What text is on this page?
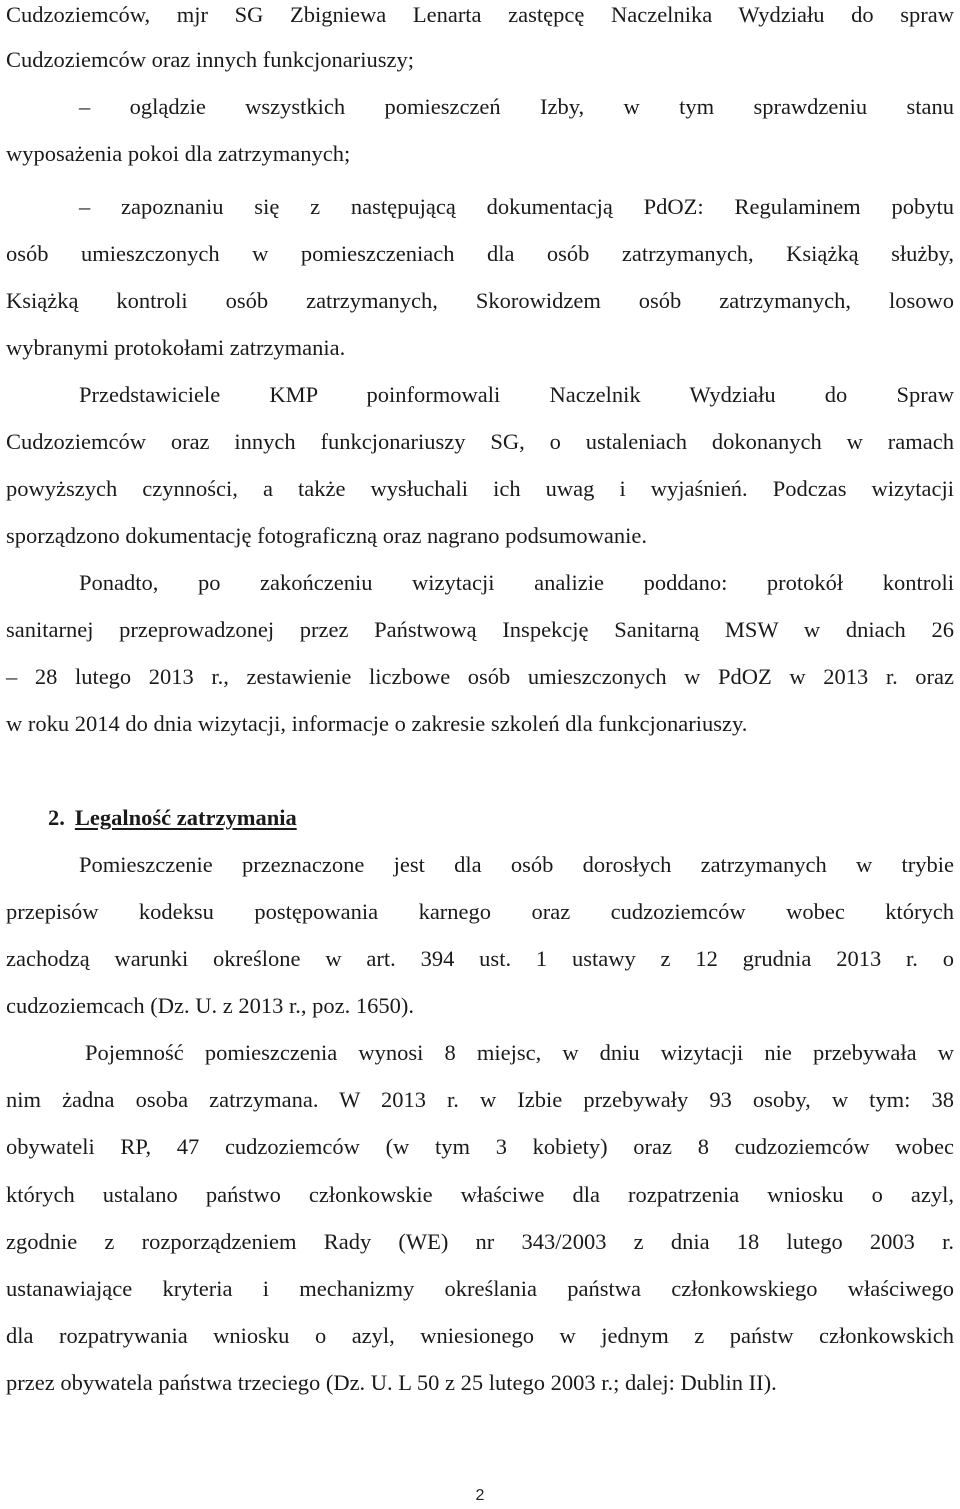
Cudzoziemców, mjr SG Zbigniewa Lenarta zastępcę Naczelnika Wydziału do spraw
Cudzoziemców oraz innych funkcjonariuszy;
– oglądzie wszystkich pomieszczeń Izby, w tym sprawdzeniu stanu
wyposażenia pokoi dla zatrzymanych;
– zapoznaniu się z następującą dokumentacją PdOZ: Regulaminem pobytu
osób umieszczonych w pomieszczeniach dla osób zatrzymanych, Książką służby,
Książką kontroli osób zatrzymanych, Skorowidzem osób zatrzymanych, losowo
wybranymi protokołami zatrzymania.
Przedstawiciele KMP poinformowali Naczelnik Wydziału do Spraw
Cudzoziemców oraz innych funkcjonariuszy SG, o ustaleniach dokonanych w ramach
powyższych czynności, a także wysłuchali ich uwag i wyjaśnień. Podczas wizytacji
sporządzono dokumentację fotograficzną oraz nagrano podsumowanie.
Ponadto, po zakończeniu wizytacji analizie poddano: protokół kontroli
sanitarnej przeprowadzonej przez Państwową Inspekcję Sanitarną MSW w dniach 26
– 28 lutego 2013 r., zestawienie liczbowe osób umieszczonych w PdOZ w 2013 r. oraz
w roku 2014 do dnia wizytacji, informacje o zakresie szkoleń dla funkcjonariuszy.
2. Legalność zatrzymania
Pomieszczenie przeznaczone jest dla osób dorosłych zatrzymanych w trybie
przepisów kodeksu postępowania karnego oraz cudzoziemców wobec których
zachodzą warunki określone w art. 394 ust. 1 ustawy z 12 grudnia 2013 r. o
cudzoziemcach (Dz. U. z 2013 r., poz. 1650).
Pojemność pomieszczenia wynosi 8 miejsc, w dniu wizytacji nie przebywała w
nim żadna osoba zatrzymana. W 2013 r. w Izbie przebywały 93 osoby, w tym: 38
obywateli RP, 47 cudzoziemców (w tym 3 kobiety) oraz 8 cudzoziemców wobec
których ustalano państwo członkowskie właściwe dla rozpatrzenia wniosku o azyl,
zgodnie z rozporządzeniem Rady (WE) nr 343/2003 z dnia 18 lutego 2003 r.
ustanawiające kryteria i mechanizmy określania państwa członkowskiego właściwego
dla rozpatrywania wniosku o azyl, wniesionego w jednym z państw członkowskich
przez obywatela państwa trzeciego (Dz. U. L 50 z 25 lutego 2003 r.; dalej: Dublin II).
2
